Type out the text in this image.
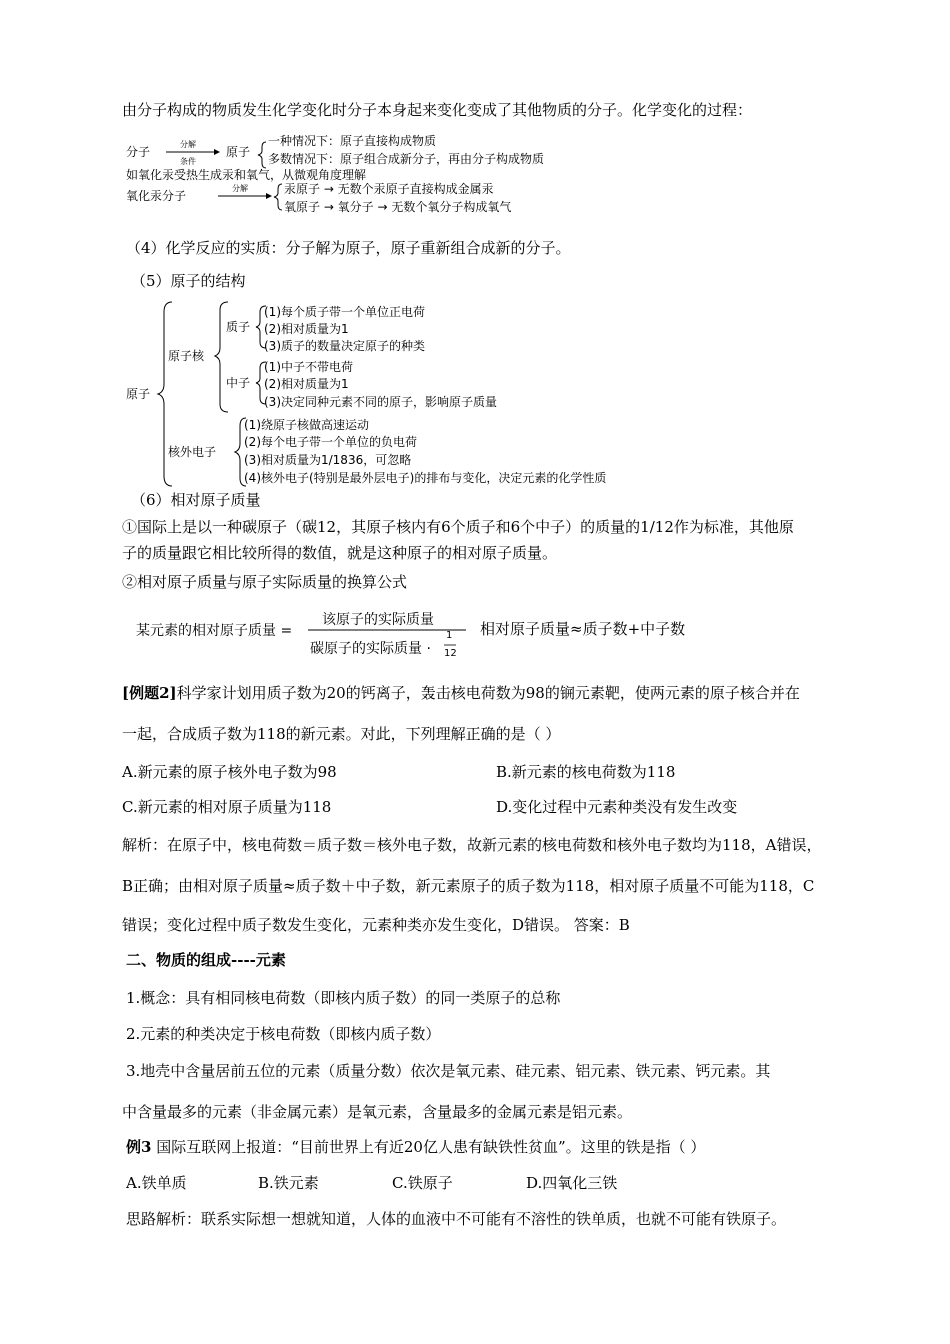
由分子构成的物质发生化学变化时分子本身起来变化变成了其他物质的分子。化学变化的过程：
分子
分解
条件
原子
一种情况下：原子直接构成物质
多数情况下：原子组合成新分子，再由分子构成物质
如氧化汞受热生成汞和氧气，从微观角度理解
氧化汞分子
分解	汞原子 → 无数个汞原子直接构成金属汞
氧原子 → 氧分子 → 无数个氧分子构成氧气
（4）化学反应的实质：分子解为原子，原子重新组合成新的分子。
（5）原子的结构
原子
原子核
质子
(1)每个质子带一个单位正电荷
(2)相对质量为1
(3)质子的数量决定原子的种类
中子
(1)中子不带电荷
(2)相对质量为1
(3)决定同种元素不同的原子，影响原子质量
核外电子
(1)绕原子核做高速运动
(2)每个电子带一个单位的负电荷
(3)相对质量为1/1836，可忽略
(4)核外电子(特别是最外层电子)的排布与变化，决定元素的化学性质
（6）相对原子质量
①国际上是以一种碳原子（碳12，其原子核内有6个质子和6个中子）的质量的1/12作为标准，其他原
子的质量跟它相比较所得的数值，就是这种原子的相对原子质量。
②相对原子质量与原子实际质量的换算公式
某元素的相对原子质量 =
该原子的实际质量
碳原子的实际质量 ·
1
12
相对原子质量≈质子数+中子数
[例题2]科学家计划用质子数为20的钙离子，轰击核电荷数为98的锎元素靶，使两元素的原子核合并在
一起，合成质子数为118的新元素。对此，下列理解正确的是（ ）
A.新元素的原子核外电子数为98	B.新元素的核电荷数为118
C.新元素的相对原子质量为118	D.变化过程中元素种类没有发生改变
解析：在原子中，核电荷数＝质子数＝核外电子数，故新元素的核电荷数和核外电子数均为118，A错误，
B正确；由相对原子质量≈质子数＋中子数，新元素原子的质子数为118，相对原子质量不可能为118，C
错误；变化过程中质子数发生变化，元素种类亦发生变化，D错误。 答案：B
二、物质的组成----元素
1.概念：具有相同核电荷数（即核内质子数）的同一类原子的总称
2.元素的种类决定于核电荷数（即核内质子数）
3.地壳中含量居前五位的元素（质量分数）依次是氧元素、硅元素、铝元素、铁元素、钙元素。其
中含量最多的元素（非金属元素）是氧元素，含量最多的金属元素是铝元素。
例3 国际互联网上报道：“目前世界上有近20亿人患有缺铁性贫血”。这里的铁是指（ ）
A.铁单质	B.铁元素	C.铁原子	D.四氧化三铁
思路解析：联系实际想一想就知道，人体的血液中不可能有不溶性的铁单质，也就不可能有铁原子。
